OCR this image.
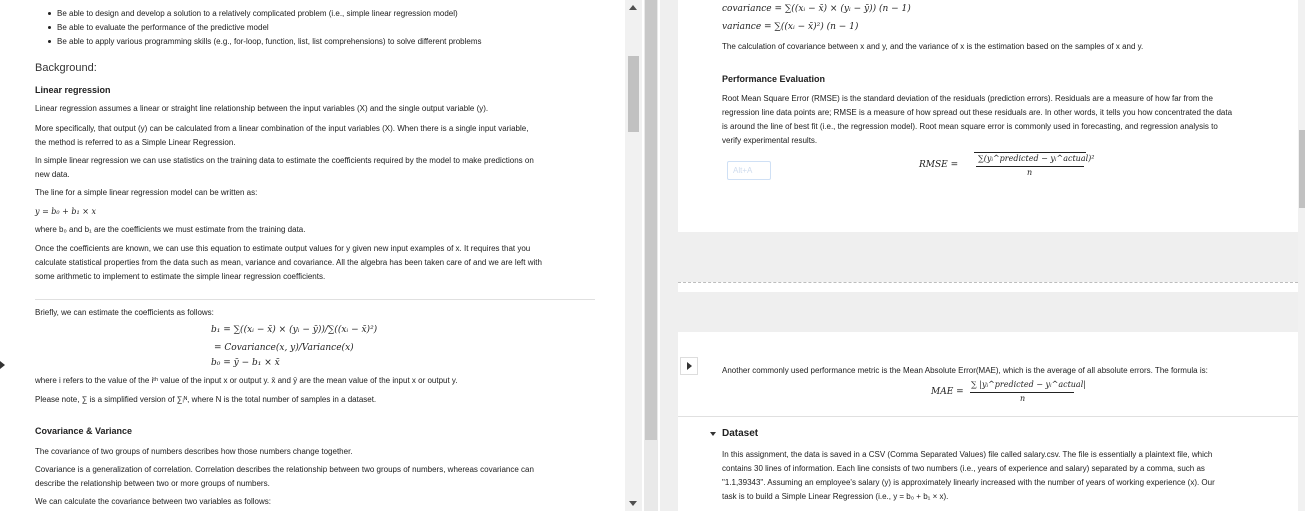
Be able to design and develop a solution to a relatively complicated problem (i.e., simple linear regression model)
Be able to evaluate the performance of the predictive model
Be able to apply various programming skills (e.g., for-loop, function, list, list comprehensions) to solve different problems
Background:
Linear regression
Linear regression assumes a linear or straight line relationship between the input variables (X) and the single output variable (y).
More specifically, that output (y) can be calculated from a linear combination of the input variables (X). When there is a single input variable,
the method is referred to as a Simple Linear Regression.
In simple linear regression we can use statistics on the training data to estimate the coefficients required by the model to make predictions on
new data.
The line for a simple linear regression model can be written as:
y = b₀ + b₁ × x
where b₀ and b₁ are the coefficients we must estimate from the training data.
Once the coefficients are known, we can use this equation to estimate output values for y given new input examples of x. It requires that you
calculate statistical properties from the data such as mean, variance and covariance. All the algebra has been taken care of and we are left with
some arithmetic to implement to estimate the simple linear regression coefficients.
Briefly, we can estimate the coefficients as follows:
b₁ = ∑((xᵢ − x̄) × (yᵢ − ȳ))/∑((xᵢ − x̄)²)
= Covariance(x, y)/Variance(x)
b₀ = ȳ − b₁ × x̄
where i refers to the value of the iᵗʰ value of the input x or output y. x̄ and ȳ are the mean value of the input x or output y.
Please note, ∑ is a simplified version of ∑ᵢᴺ, where N is the total number of samples in a dataset.
Covariance & Variance
The covariance of two groups of numbers describes how those numbers change together.
Covariance is a generalization of correlation. Correlation describes the relationship between two groups of numbers, whereas covariance can
describe the relationship between two or more groups of numbers.
We can calculate the covariance between two variables as follows:
covariance = ∑((xᵢ − x̄) × (yᵢ − ȳ)) (n − 1)
variance = ∑((xᵢ − x̄)²) (n − 1)
The calculation of covariance between x and y, and the variance of x is the estimation based on the samples of x and y.
Performance Evaluation
Root Mean Square Error (RMSE) is the standard deviation of the residuals (prediction errors). Residuals are a measure of how far from the
regression line data points are; RMSE is a measure of how spread out these residuals are. In other words, it tells you how concentrated the data
is around the line of best fit (i.e., the regression model). Root mean square error is commonly used in forecasting, and regression analysis to
verify experimental results.
Alt+A
RMSE =
∑(yᵢ^predicted − yᵢ^actual)²
n
Another commonly used performance metric is the Mean Absolute Error(MAE), which is the average of all absolute errors. The formula is:
MAE =
∑ |yᵢ^predicted − yᵢ^actual|
n
Dataset
In this assignment, the data is saved in a CSV (Comma Separated Values) file called salary.csv. The file is essentially a plaintext file, which
contains 30 lines of information. Each line consists of two numbers (i.e., years of experience and salary) separated by a comma, such as
"1.1,39343". Assuming an employee's salary (y) is approximately linearly increased with the number of years of working experience (x). Our
task is to build a Simple Linear Regression (i.e., y = b₀ + b₁ × x).
